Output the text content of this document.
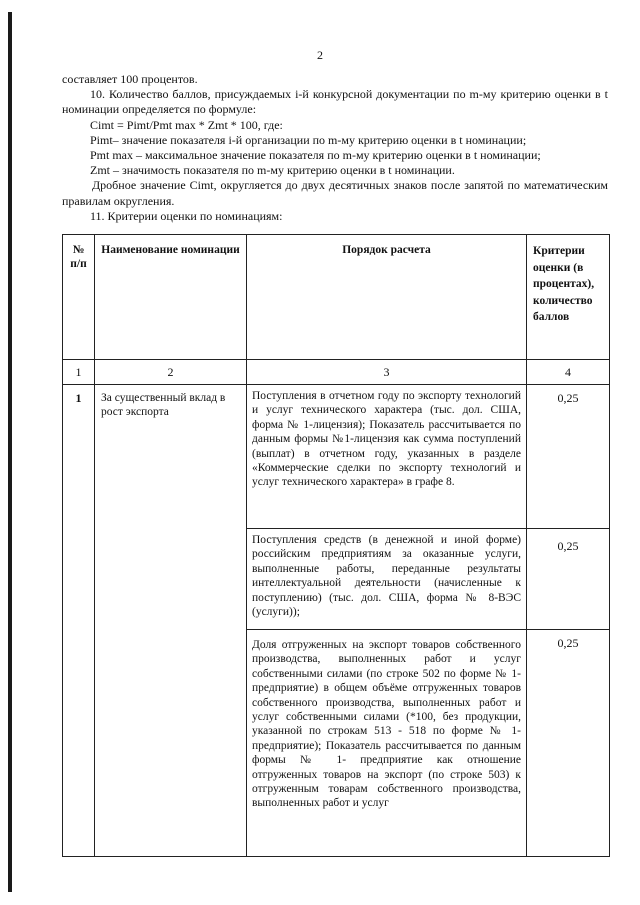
2

составляет 100 процентов.

10. Количество баллов, присуждаемых i-й конкурсной документации по m-му критерию оценки в t номинации определяется по формуле:

Cimt = Pimt/Pmt max * Zmt * 100, где:

Pimt– значение показателя i-й организации по m-му критерию оценки в t номинации;

Pmt max – максимальное значение показателя по m-му критерию оценки в t номинации;

Zmt – значимость показателя по m-му критерию оценки в t номинации.

Дробное значение Cimt, округляется до двух десятичных знаков после запятой по математическим правилам округления.

11. Критерии оценки по номинациям:

№ п/п	Наименование номинации	Порядок расчета	Критерии оценки (в процентах), количество баллов
1	2	3	4
1	За существенный вклад в рост экспорта	Поступления в отчетном году по экспорту технологий и услуг технического характера (тыс. дол. США, форма № 1-лицензия); Показатель рассчитывается по данным формы №1-лицензия как сумма поступлений (выплат) в отчетном году, указанных в разделе «Коммерческие сделки по экспорту технологий и услуг технического характера» в графе 8.	0,25
		Поступления средств (в денежной и иной форме) российским предприятиям за оказанные услуги, выполненные работы, переданные результаты интеллектуальной деятельности (начисленные к поступлению) (тыс. дол. США, форма № 8-ВЭС (услуги));	0,25
		Доля отгруженных на экспорт товаров собственного производства, выполненных работ и услуг собственными силами (по строке 502 по форме № 1-предприятие) в общем объёме отгруженных товаров собственного производства, выполненных работ и услуг собственными силами (*100, без продукции, указанной по строкам 513 - 518 по форме № 1-предприятие); Показатель рассчитывается по данным формы № 1- предприятие как отношение отгруженных товаров на экспорт (по строке 503) к отгруженным товарам собственного производства, выполненных работ и услуг	0,25
